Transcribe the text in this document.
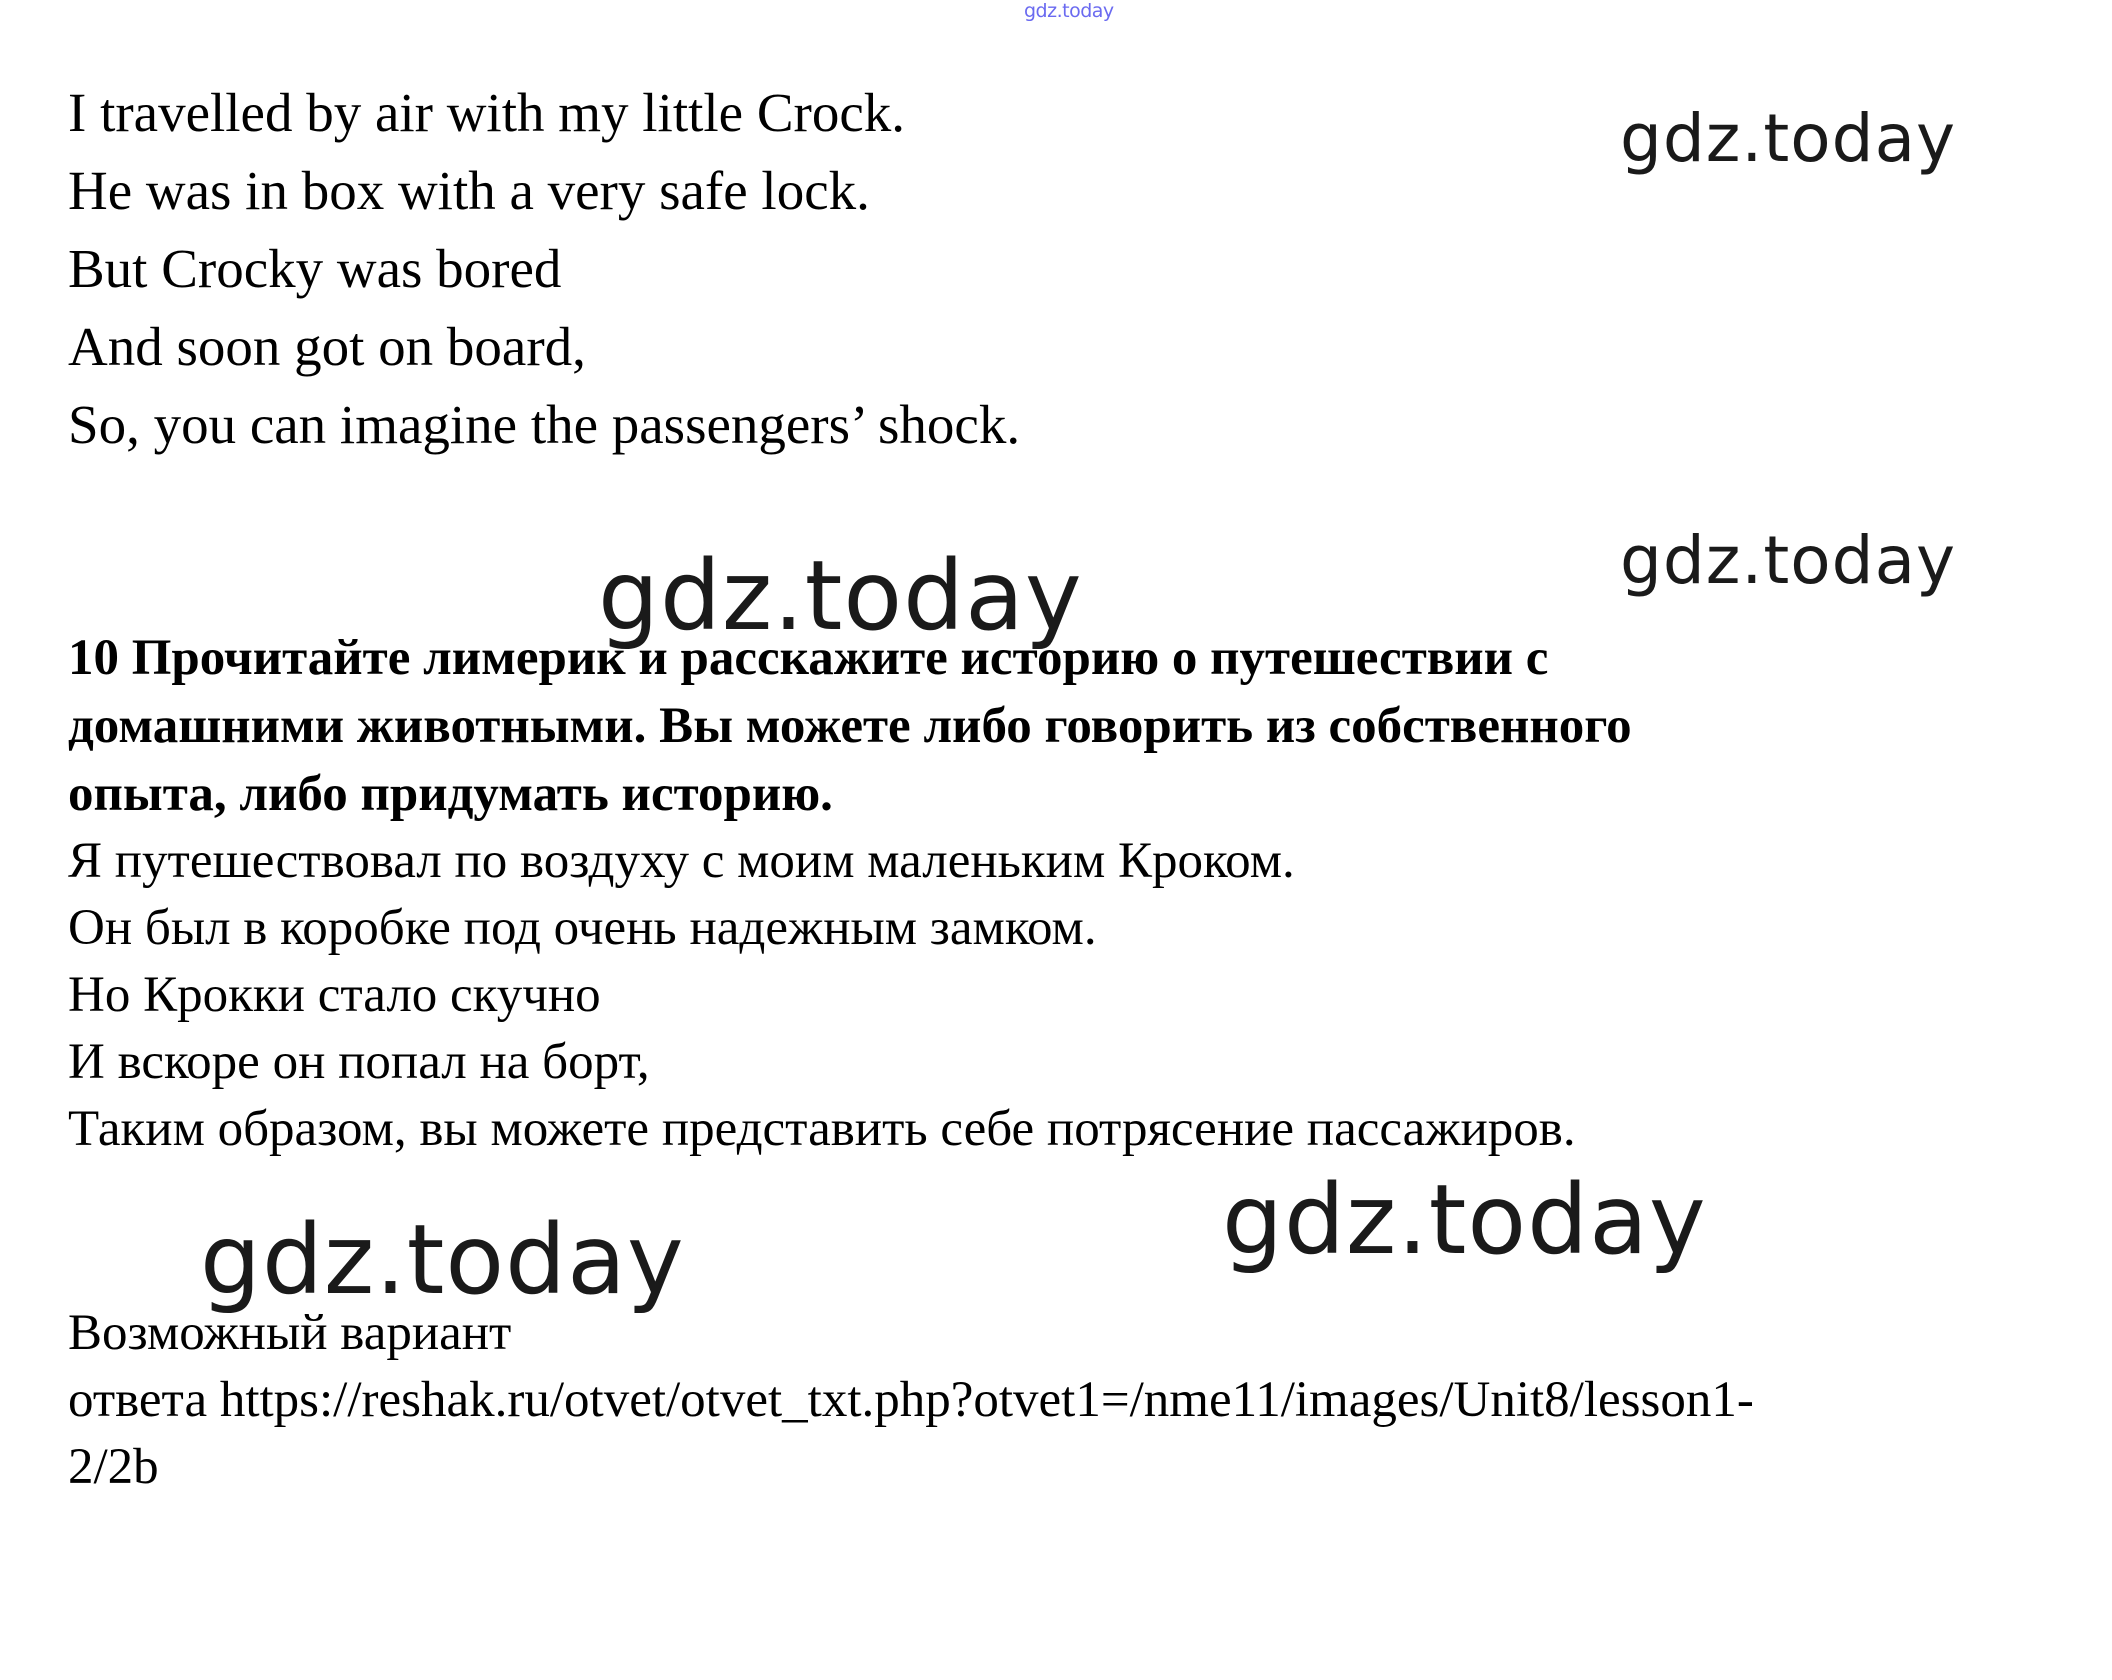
gdz.today
I travelled by air with my little Crock.
He was in box with a very safe lock.
But Crocky was bored
And soon got on board,
So, you can imagine the passengers’ shock.
10 Прочитайте лимерик и расскажите историю о путешествии с
домашними животными. Вы можете либо говорить из собственного
опыта, либо придумать историю.
Я путешествовал по воздуху с моим маленьким Кроком.
Он был в коробке под очень надежным замком.
Но Крокки стало скучно
И вскоре он попал на борт,
Таким образом, вы можете представить себе потрясение пассажиров.
Возможный вариант
ответа https://reshak.ru/otvet/otvet_txt.php?otvet1=/nme11/images/Unit8/lesson1-
2/2b
gdz.today
gdz.today
gdz.today
gdz.today
gdz.today
